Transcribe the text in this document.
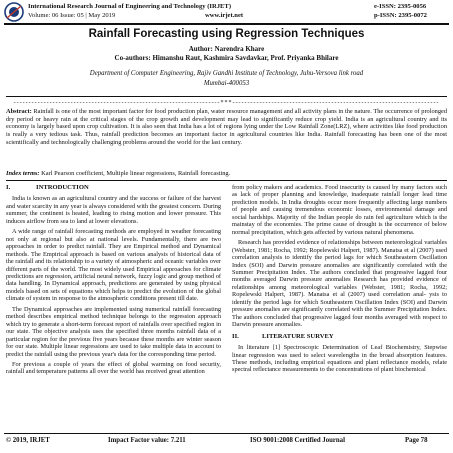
International Research Journal of Engineering and Technology (IRJET)
Volume: 06 Issue: 05 | May 2019	www.irjet.net
e-ISSN: 2395-0056
p-ISSN: 2395-0072
Rainfall Forecasting using Regression Techniques
Author: Narendra Khare
Co-authors: Himanshu Raut, Kashmira Savdavkar, Prof. Priyanka Bhilare
Department of Computer Engineering, Rajiv Gandhi Institute of Technology, Juhu-Versova link road
Mumbai-400053
---------------------------------------------------------------------***---------------------------------------------------------------------
Abstract: Rainfall is one of the most important factor for food production plan, water resource management and all activity plans in the nature. The occurrence of prolonged dry period or heavy rain at the critical stages of the crop growth and development may lead to significantly reduce crop yield. India is an agricultural country and its economy is largely based upon crop cultivation. It is also seen that India has a lot of regions lying under the Low Rainfall Zone(LRZ), where activities like food production is really a very tedious task. Thus, rainfall prediction becomes an important factor in agricultural countries like India. Rainfall forecasting has been one of the most scientifically and technologically challenging problems around the world for the last century.
Index terms: Karl Pearson coefficient, Multiple linear regressions, Rainfall forecasting.
I.	INTRODUCTION

India is known as an agricultural country and the success or failure of the harvest and water scarcity in any year is always considered with the greatest concern. During summer, the continent is heated, leading to rising motion and lower pressure. This induces airflow from sea to land at lower elevations.

A wide range of rainfall forecasting methods are employed in weather forecasting not only at regional but also at national levels. Fundamentally, there are two approaches in order to predict rainfall. They are Empirical method and Dynamical methods. The Empirical approach is based on various analysis of historical data of the rainfall and its relationship to a variety of atmospheric and oceanic variables over different parts of the world. The most widely used Empirical approaches for climate predictions are regression, artificial neural network, fuzzy logic and group method of data handling. In Dynamical approach, predictions are generated by using physical models based on sets of equations which helps to predict the evolution of the global climate of system in response to the atmospheric conditions present till date.

The Dynamical approaches are implemented using numerical rainfall forecasting method describes empirical method technique belongs to the regression approach which try to generate a short-term forecast report of rainfalls over specified region in our state. The objective analysis uses the specified three months rainfall data of a particular region for the previous five years because these months are winter season for our state. Multiple linear regressions are used to take multiple data in account to predict the rainfall using the previous year's data for the corresponding time period.

For previous a couple of years the effect of global warming on food security, rainfall and temperature patterns all over the world has received great attention

from policy makers and academics. Food insecurity is caused by many factors such as lack of proper planning and knowledge, inadequate rainfall longer lead time prediction models. In India droughts occur more frequently affecting large numbers of people and causing tremendous economic losses, environmental damage and social hardships. Majority of the Indian people do rain fed agriculture which is the mainstay of the economies. The prime cause of drought is the occurrence of below normal precipitation, which gets affected by various natural phenomena.

Research has provided evidence of relationships between meteorological variables (Webster, 1981; Rocha, 1992; Ropelewski Halpert, 1987). Manatsa et al (2007) used correlation analysis to identify the period lags for which Southeastern Oscillation Index (SOI) and Darwin pressure anomalies are significantly correlated with the Summer Precipitation Index. The authors concluded that progressive lagged four months averaged Darwin pressure anomalies Research has provided evidence of relationships among meteorological variables (Webster, 1981; Rocha, 1992; Ropelewski Halpert, 1987). Manatsa et al (2007) used correlation anal- ysis to identify the period lags for which Southeastern Oscillation Index (SOI) and Darwin pressure anomalies are significantly correlated with the Summer Precipitation Index. The authors concluded that progressive lagged four months averaged with respect to Darwin pressure anomalies.

II.	LITERATURE SURVEY

In literature [1] Spectroscopic Determination of Leaf Biochemistry, Stepwise linear regression was used to select wavelengths in the broad absorption features. These methods, including empirical equations and plant reflectance models, relate spectral reflectance measurements to the concentrations of plant biochemical

© 2019, IRJET	Impact Factor value: 7.211	ISO 9001:2008 Certified Journal	Page 78
